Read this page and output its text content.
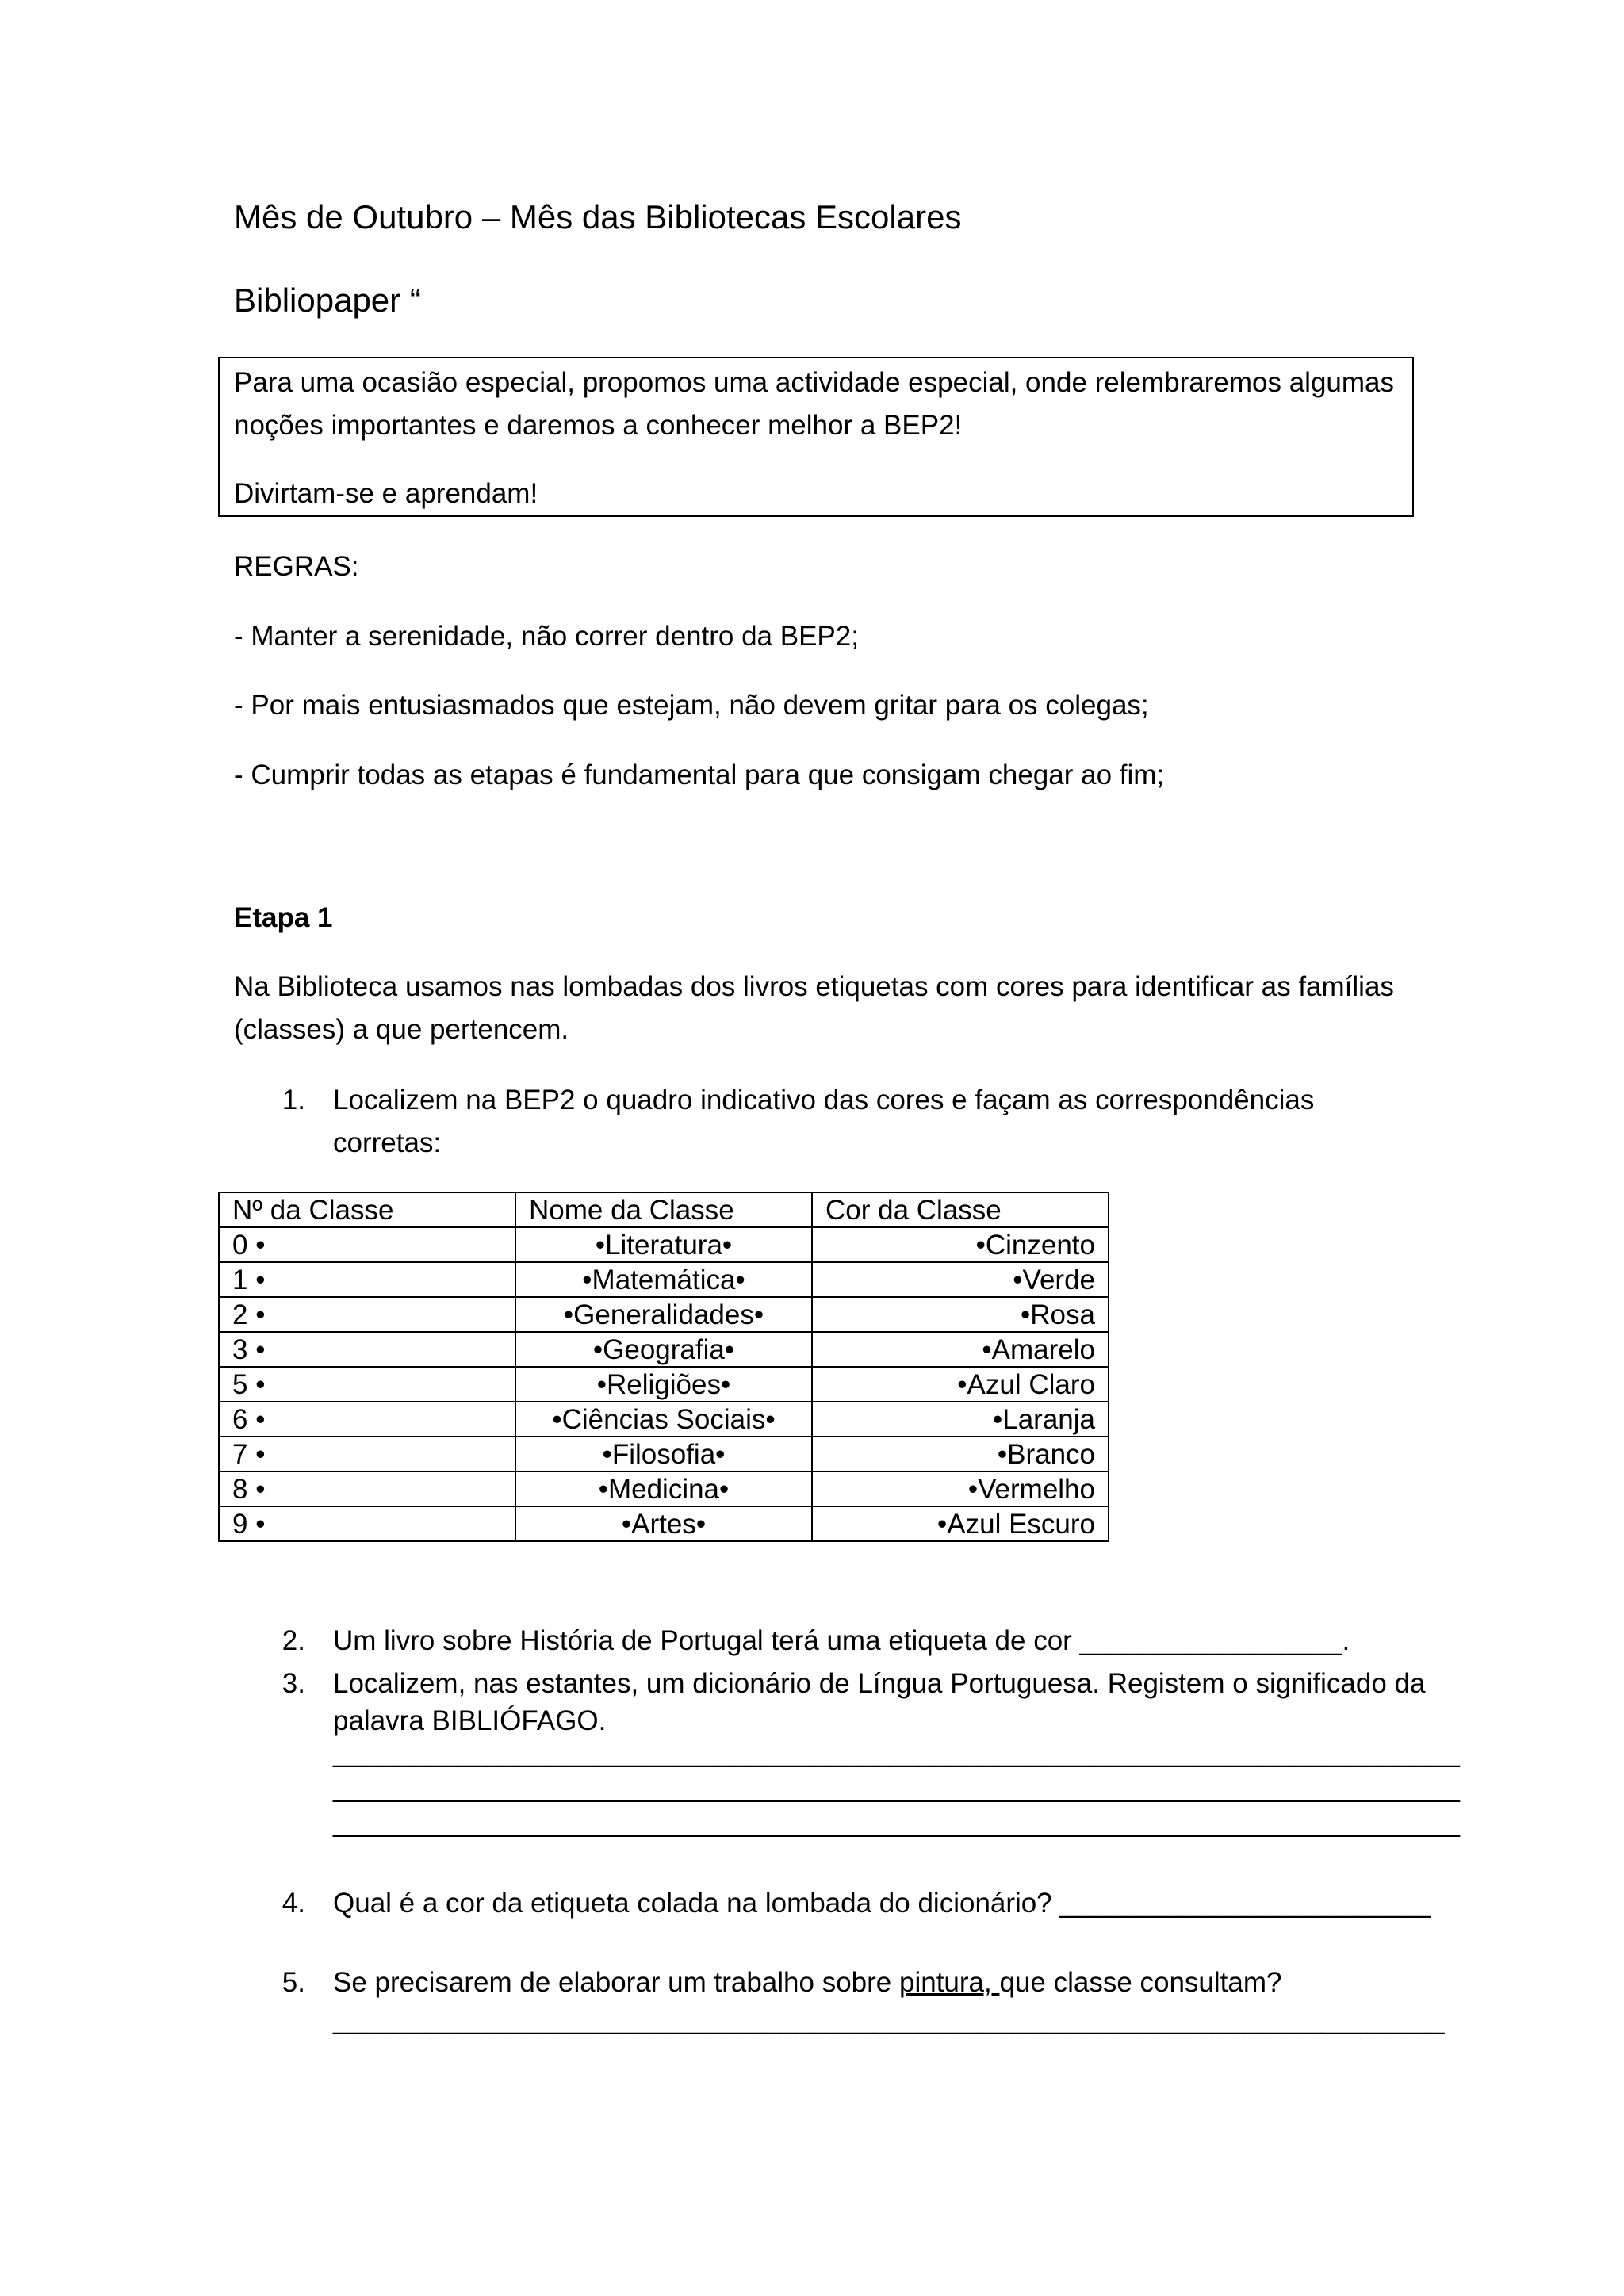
Mês de Outubro – Mês das Bibliotecas Escolares
Bibliopaper “
Para uma ocasião especial, propomos uma actividade especial, onde relembraremos algumas
noções importantes e daremos a conhecer melhor a BEP2!
Divirtam-se e aprendam!
REGRAS:
- Manter a serenidade, não correr dentro da BEP2;
- Por mais entusiasmados que estejam, não devem gritar para os colegas;
- Cumprir todas as etapas é fundamental para que consigam chegar ao fim;
Etapa 1
Na Biblioteca usamos nas lombadas dos livros etiquetas com cores para identificar as famílias
(classes) a que pertencem.
1. Localizem na BEP2 o quadro indicativo das cores e façam as correspondências
corretas:
Nº da Classe	Nome da Classe	Cor da Classe
0 •	•Literatura•	•Cinzento
1 •	•Matemática•	•Verde
2 •	•Generalidades•	•Rosa
3 •	•Geografia•	•Amarelo
5 •	•Religiões•	•Azul Claro
6 •	•Ciências Sociais•	•Laranja
7 •	•Filosofia•	•Branco
8 •	•Medicina•	•Vermelho
9 •	•Artes•	•Azul Escuro
2. Um livro sobre História de Portugal terá uma etiqueta de cor _________________.
3. Localizem, nas estantes, um dicionário de Língua Portuguesa. Registem o significado da
palavra BIBLIÓFAGO.
_________________________________________________________________________
_________________________________________________________________________
_________________________________________________________________________
4. Qual é a cor da etiqueta colada na lombada do dicionário? ________________________
5. Se precisarem de elaborar um trabalho sobre pintura, que classe consultam?
________________________________________________________________________
